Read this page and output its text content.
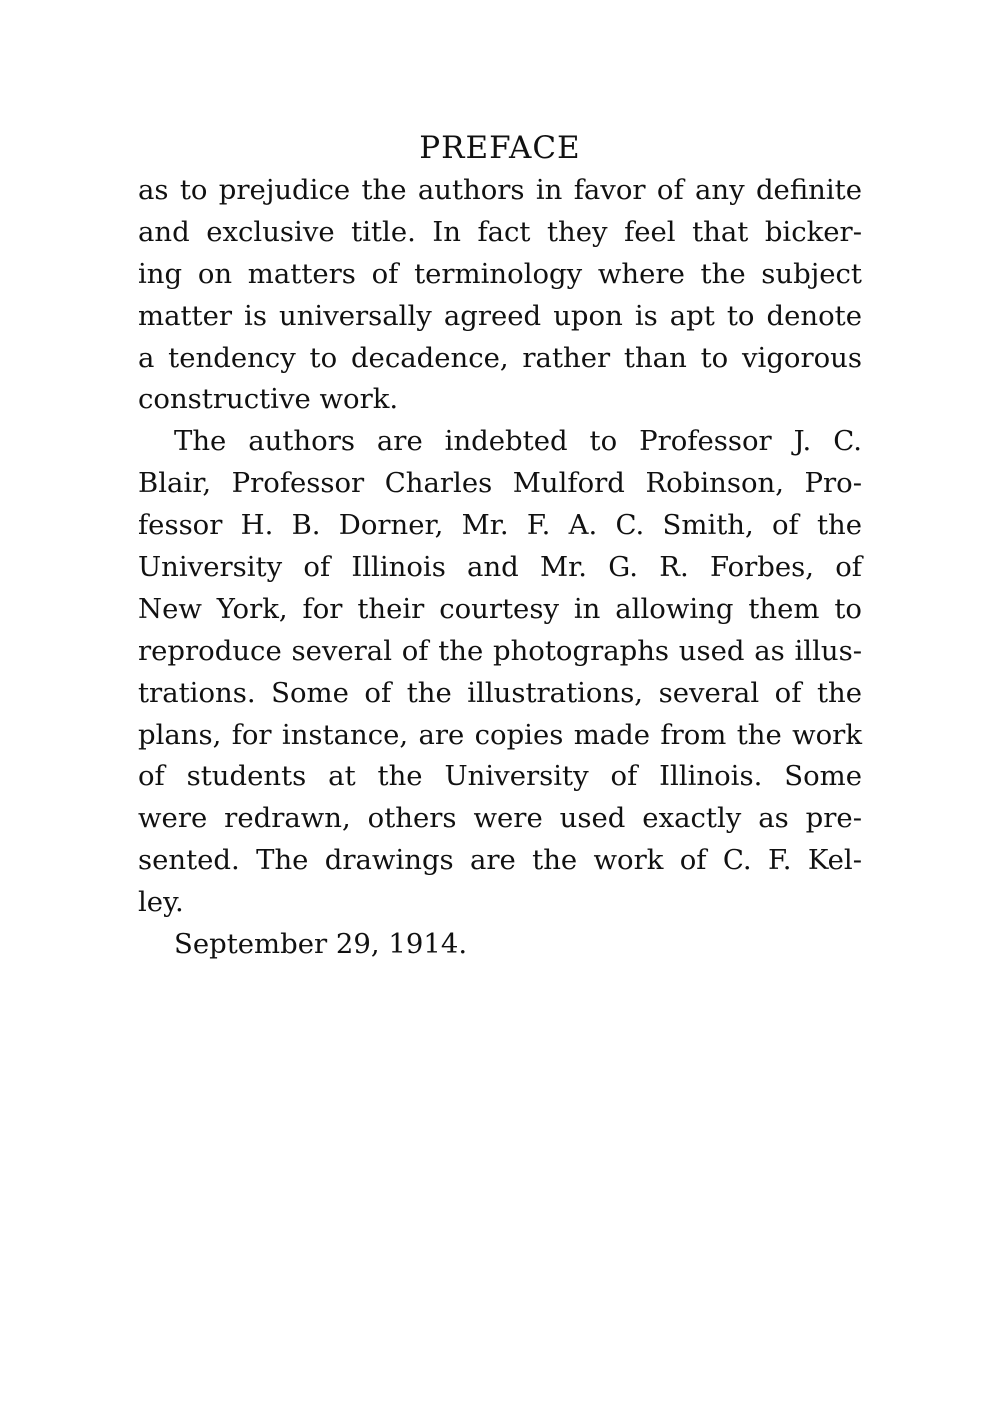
PREFACE
as to prejudice the authors in favor of any definite
and exclusive title. In fact they feel that bicker-
ing on matters of terminology where the subject
matter is universally agreed upon is apt to denote
a tendency to decadence, rather than to vigorous
constructive work.
The authors are indebted to Professor J. C.
Blair, Professor Charles Mulford Robinson, Pro-
fessor H. B. Dorner, Mr. F. A. C. Smith, of the
University of Illinois and Mr. G. R. Forbes, of
New York, for their courtesy in allowing them to
reproduce several of the photographs used as illus-
trations. Some of the illustrations, several of the
plans, for instance, are copies made from the work
of students at the University of Illinois. Some
were redrawn, others were used exactly as pre-
sented. The drawings are the work of C. F. Kel-
ley.
September 29, 1914.
